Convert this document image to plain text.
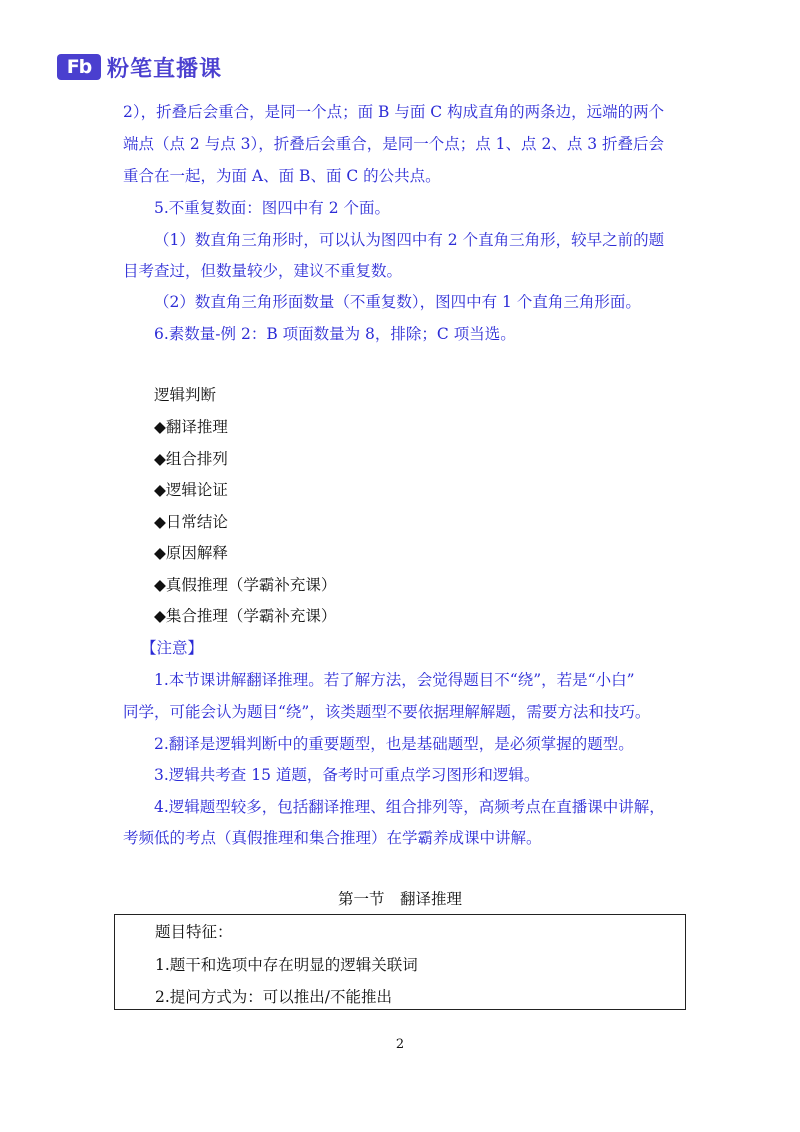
Fb 粉笔直播课
2），折叠后会重合，是同一个点；面 B 与面 C 构成直角的两条边，远端的两个
端点（点 2 与点 3），折叠后会重合，是同一个点；点 1、点 2、点 3 折叠后会
重合在一起，为面 A、面 B、面 C 的公共点。
5.不重复数面：图四中有 2 个面。
（1）数直角三角形时，可以认为图四中有 2 个直角三角形，较早之前的题
目考查过，但数量较少，建议不重复数。
（2）数直角三角形面数量（不重复数），图四中有 1 个直角三角形面。
6.素数量-例 2：B 项面数量为 8，排除；C 项当选。
逻辑判断
◆翻译推理
◆组合排列
◆逻辑论证
◆日常结论
◆原因解释
◆真假推理（学霸补充课）
◆集合推理（学霸补充课）
【注意】
1.本节课讲解翻译推理。若了解方法，会觉得题目不“绕”，若是“小白”
同学，可能会认为题目“绕”，该类题型不要依据理解解题，需要方法和技巧。
2.翻译是逻辑判断中的重要题型，也是基础题型，是必须掌握的题型。
3.逻辑共考查 15 道题，备考时可重点学习图形和逻辑。
4.逻辑题型较多，包括翻译推理、组合排列等，高频考点在直播课中讲解，
考频低的考点（真假推理和集合推理）在学霸养成课中讲解。
第一节　翻译推理
题目特征：
1.题干和选项中存在明显的逻辑关联词
2.提问方式为：可以推出/不能推出
2
